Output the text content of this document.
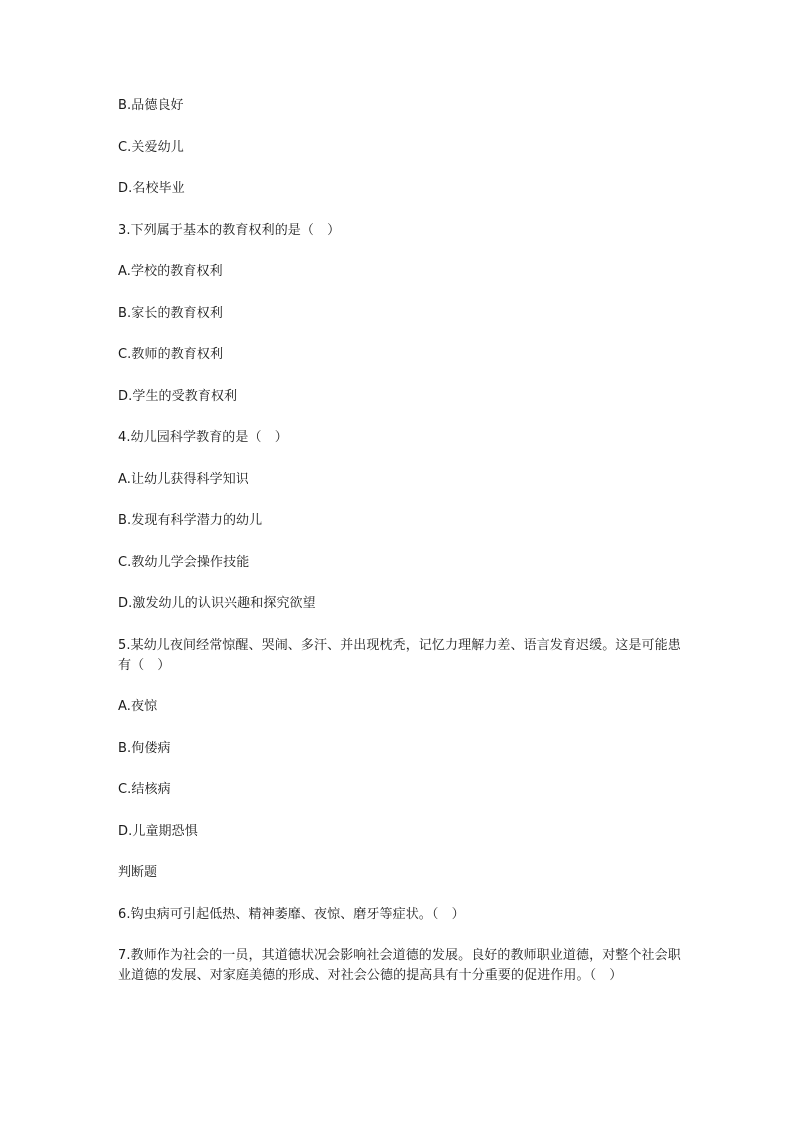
B.品德良好

C.关爱幼儿

D.名校毕业

3.下列属于基本的教育权利的是（　）

A.学校的教育权利

B.家长的教育权利

C.教师的教育权利

D.学生的受教育权利

4.幼儿园科学教育的是（　）

A.让幼儿获得科学知识

B.发现有科学潜力的幼儿

C.教幼儿学会操作技能

D.激发幼儿的认识兴趣和探究欲望

5.某幼儿夜间经常惊醒、哭闹、多汗、并出现枕秃，记忆力理解力差、语言发育迟缓。这是可能患有（　）

A.夜惊

B.佝偻病

C.结核病

D.儿童期恐惧

判断题

6.钩虫病可引起低热、精神萎靡、夜惊、磨牙等症状。（　）

7.教师作为社会的一员，其道德状况会影响社会道德的发展。良好的教师职业道德，对整个社会职业道德的发展、对家庭美德的形成、对社会公德的提高具有十分重要的促进作用。（　）
